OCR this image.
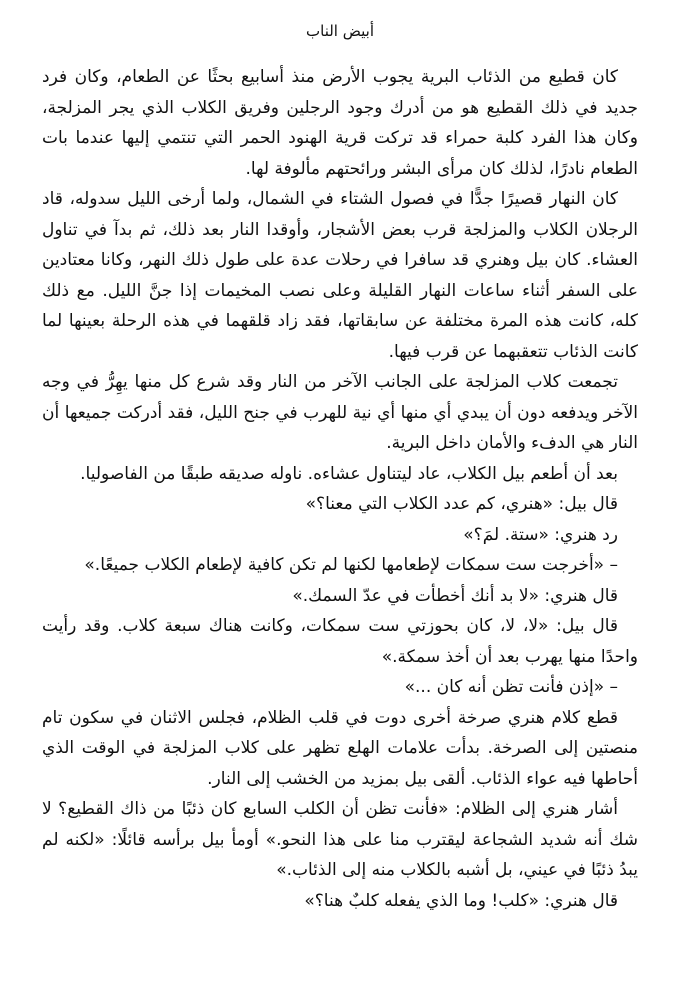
أبيض الناب

كان قطيع من الذئاب البرية يجوب الأرض منذ أسابيع بحثًا عن الطعام، وكان فرد جديد في ذلك القطيع هو من أدرك وجود الرجلين وفريق الكلاب الذي يجر المزلجة، وكان هذا الفرد كلبة حمراء قد تركت قرية الهنود الحمر التي تنتمي إليها عندما بات الطعام نادرًا، لذلك كان مرأى البشر ورائحتهم مألوفة لها.

كان النهار قصيرًا جدًّا في فصول الشتاء في الشمال، ولما أرخى الليل سدوله، قاد الرجلان الكلاب والمزلجة قرب بعض الأشجار، وأوقدا النار بعد ذلك، ثم بدآ في تناول العشاء. كان بيل وهنري قد سافرا في رحلات عدة على طول ذلك النهر، وكانا معتادين على السفر أثناء ساعات النهار القليلة وعلى نصب المخيمات إذا جنَّ الليل. مع ذلك كله، كانت هذه المرة مختلفة عن سابقاتها، فقد زاد قلقهما في هذه الرحلة بعينها لما كانت الذئاب تتعقبهما عن قرب فيها.

تجمعت كلاب المزلجة على الجانب الآخر من النار وقد شرع كل منها يهِرُّ في وجه الآخر ويدفعه دون أن يبدي أي منها أي نية للهرب في جنح الليل، فقد أدركت جميعها أن النار هي الدفء والأمان داخل البرية.

بعد أن أطعم بيل الكلاب، عاد ليتناول عشاءه. ناوله صديقه طبقًا من الفاصوليا.

قال بيل: «هنري، كم عدد الكلاب التي معنا؟»

رد هنري: «ستة. لمَ؟»

– «أخرجت ست سمكات لإطعامها لكنها لم تكن كافية لإطعام الكلاب جميعًا.»

قال هنري: «لا بد أنك أخطأت في عدّ السمك.»

قال بيل: «لا، لا، كان بحوزتي ست سمكات، وكانت هناك سبعة كلاب. وقد رأيت واحدًا منها يهرب بعد أن أخذ سمكة.»

– «إذن فأنت تظن أنه كان ...»

قطع كلام هنري صرخة أخرى دوت في قلب الظلام، فجلس الاثنان في سكون تام منصتين إلى الصرخة. بدأت علامات الهلع تظهر على كلاب المزلجة في الوقت الذي أحاطها فيه عواء الذئاب. ألقى بيل بمزيد من الخشب إلى النار.

أشار هنري إلى الظلام: «فأنت تظن أن الكلب السابع كان ذئبًا من ذاك القطيع؟ لا شك أنه شديد الشجاعة ليقترب منا على هذا النحو.» أومأ بيل برأسه قائلًا: «لكنه لم يبدُ ذئبًا في عيني، بل أشبه بالكلاب منه إلى الذئاب.»

قال هنري: «كلب! وما الذي يفعله كلبٌ هنا؟»
